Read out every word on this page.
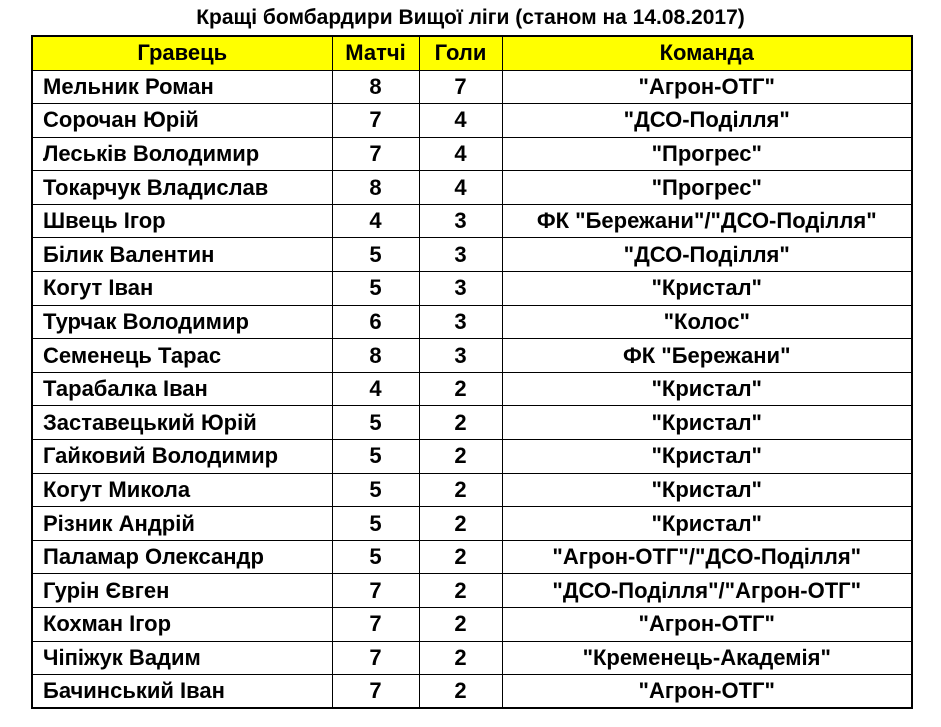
Кращі бомбардири Вищої ліги (станом на 14.08.2017)
Гравець	Матчі	Голи	Команда
Мельник Роман	8	7	"Агрон-ОТГ"
Сорочан Юрій	7	4	"ДСО-Поділля"
Леськів Володимир	7	4	"Прогрес"
Токарчук Владислав	8	4	"Прогрес"
Швець Ігор	4	3	ФК "Бережани"/"ДСО-Поділля"
Білик Валентин	5	3	"ДСО-Поділля"
Когут Іван	5	3	"Кристал"
Турчак Володимир	6	3	"Колос"
Семенець Тарас	8	3	ФК "Бережани"
Тарабалка Іван	4	2	"Кристал"
Заставецький Юрій	5	2	"Кристал"
Гайковий Володимир	5	2	"Кристал"
Когут Микола	5	2	"Кристал"
Різник Андрій	5	2	"Кристал"
Паламар Олександр	5	2	"Агрон-ОТГ"/"ДСО-Поділля"
Гурін Євген	7	2	"ДСО-Поділля"/"Агрон-ОТГ"
Кохман Ігор	7	2	"Агрон-ОТГ"
Чіпіжук Вадим	7	2	"Кременець-Академія"
Бачинський Іван	7	2	"Агрон-ОТГ"
